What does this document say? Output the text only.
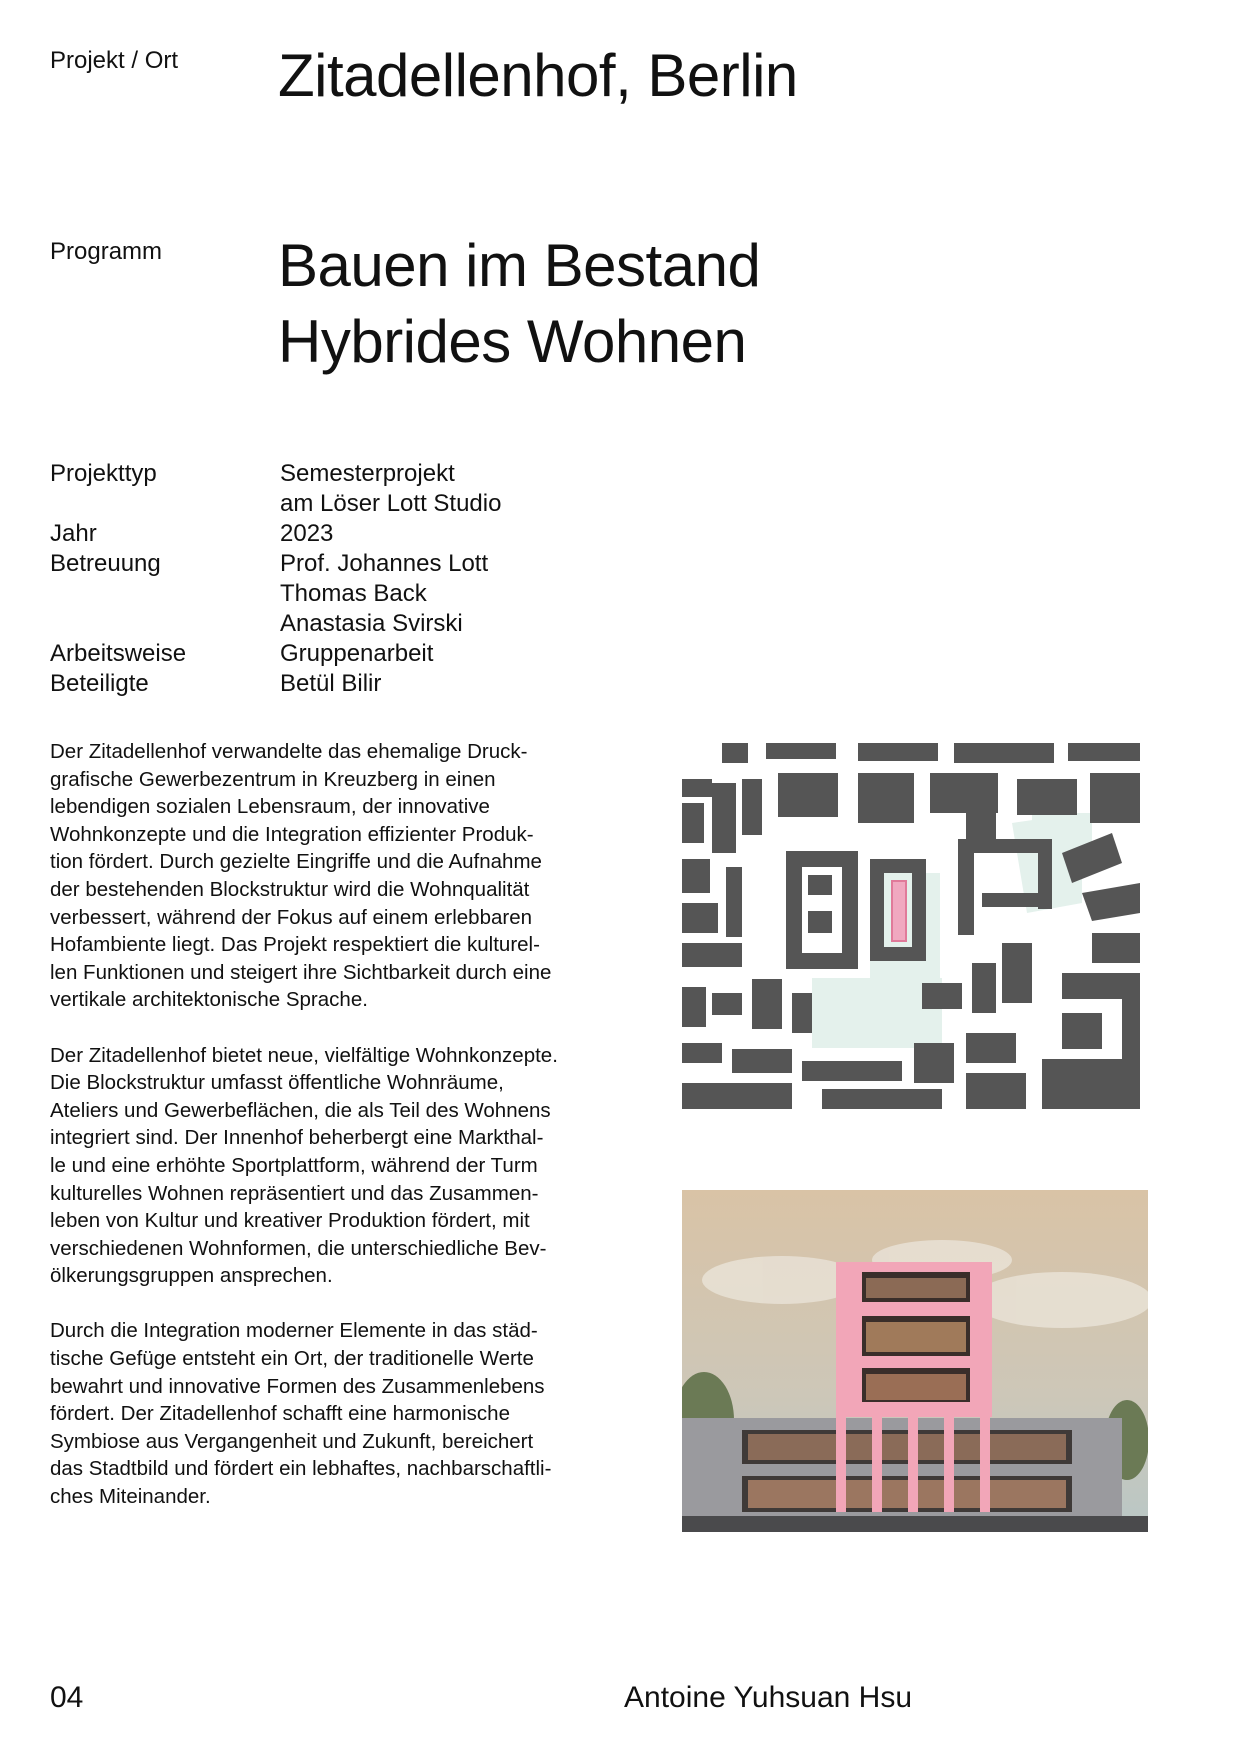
Projekt / Ort Zitadellenhof, Berlin
Programm Bauen im Bestand
Hybrides Wohnen
Projekttyp	Semesterprojekt
am Löser Lott Studio
Jahr	2023
Betreuung	Prof. Johannes Lott
Thomas Back
Anastasia Svirski
Arbeitsweise	Gruppenarbeit
Beteiligte	Betül Bilir

Der Zitadellenhof verwandelte das ehemalige Druck-
grafische Gewerbezentrum in Kreuzberg in einen
lebendigen sozialen Lebensraum, der innovative
Wohnkonzepte und die Integration effizienter Produk-
tion fördert. Durch gezielte Eingriffe und die Aufnahme
der bestehenden Blockstruktur wird die Wohnqualität
verbessert, während der Fokus auf einem erlebbaren
Hofambiente liegt. Das Projekt respektiert die kulturel-
len Funktionen und steigert ihre Sichtbarkeit durch eine
vertikale architektonische Sprache.

Der Zitadellenhof bietet neue, vielfältige Wohnkonzepte.
Die Blockstruktur umfasst öffentliche Wohnräume,
Ateliers und Gewerbeflächen, die als Teil des Wohnens
integriert sind. Der Innenhof beherbergt eine Markthal-
le und eine erhöhte Sportplattform, während der Turm
kulturelles Wohnen repräsentiert und das Zusammen-
leben von Kultur und kreativer Produktion fördert, mit
verschiedenen Wohnformen, die unterschiedliche Bev-
ölkerungsgruppen ansprechen.

Durch die Integration moderner Elemente in das städ-
tische Gefüge entsteht ein Ort, der traditionelle Werte
bewahrt und innovative Formen des Zusammenlebens
fördert. Der Zitadellenhof schafft eine harmonische
Symbiose aus Vergangenheit und Zukunft, bereichert
das Stadtbild und fördert ein lebhaftes, nachbarschaftli-
ches Miteinander.

04	Antoine Yuhsuan Hsu
